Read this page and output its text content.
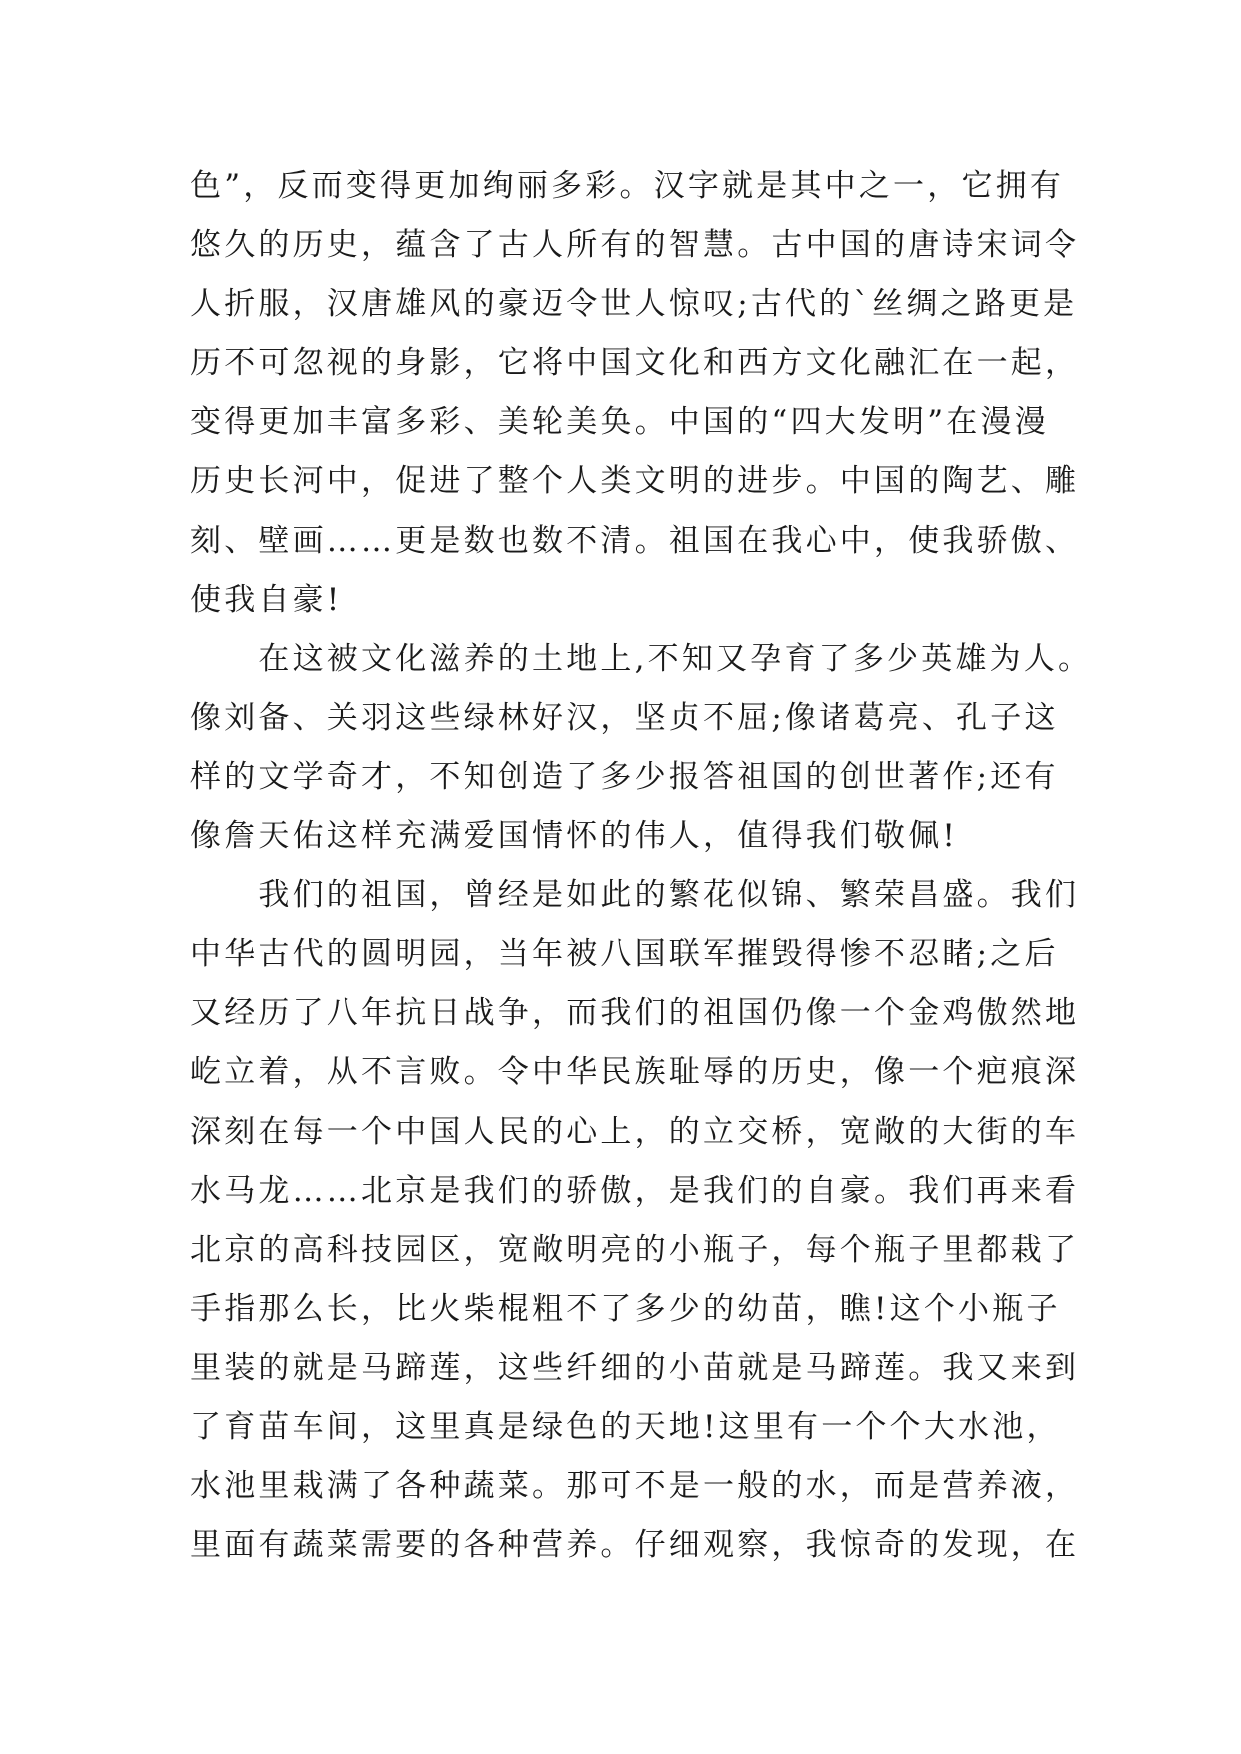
色”，反而变得更加绚丽多彩。汉字就是其中之一，它拥有
悠久的历史，蕴含了古人所有的智慧。古中国的唐诗宋词令
人折服，汉唐雄风的豪迈令世人惊叹;古代的`丝绸之路更是
历不可忽视的身影，它将中国文化和西方文化融汇在一起，
变得更加丰富多彩、美轮美奂。中国的“四大发明”在漫漫
历史长河中，促进了整个人类文明的进步。中国的陶艺、雕
刻、壁画……更是数也数不清。祖国在我心中，使我骄傲、
使我自豪!
　　在这被文化滋养的土地上,不知又孕育了多少英雄为人。
像刘备、关羽这些绿林好汉，坚贞不屈;像诸葛亮、孔子这
样的文学奇才，不知创造了多少报答祖国的创世著作;还有
像詹天佑这样充满爱国情怀的伟人，值得我们敬佩!
　　我们的祖国，曾经是如此的繁花似锦、繁荣昌盛。我们
中华古代的圆明园，当年被八国联军摧毁得惨不忍睹;之后
又经历了八年抗日战争，而我们的祖国仍像一个金鸡傲然地
屹立着，从不言败。令中华民族耻辱的历史，像一个疤痕深
深刻在每一个中国人民的心上，的立交桥，宽敞的大街的车
水马龙……北京是我们的骄傲，是我们的自豪。我们再来看
北京的高科技园区，宽敞明亮的小瓶子，每个瓶子里都栽了
手指那么长，比火柴棍粗不了多少的幼苗，瞧!这个小瓶子
里装的就是马蹄莲，这些纤细的小苗就是马蹄莲。我又来到
了育苗车间，这里真是绿色的天地!这里有一个个大水池，
水池里栽满了各种蔬菜。那可不是一般的水，而是营养液，
里面有蔬菜需要的各种营养。仔细观察，我惊奇的发现，在
